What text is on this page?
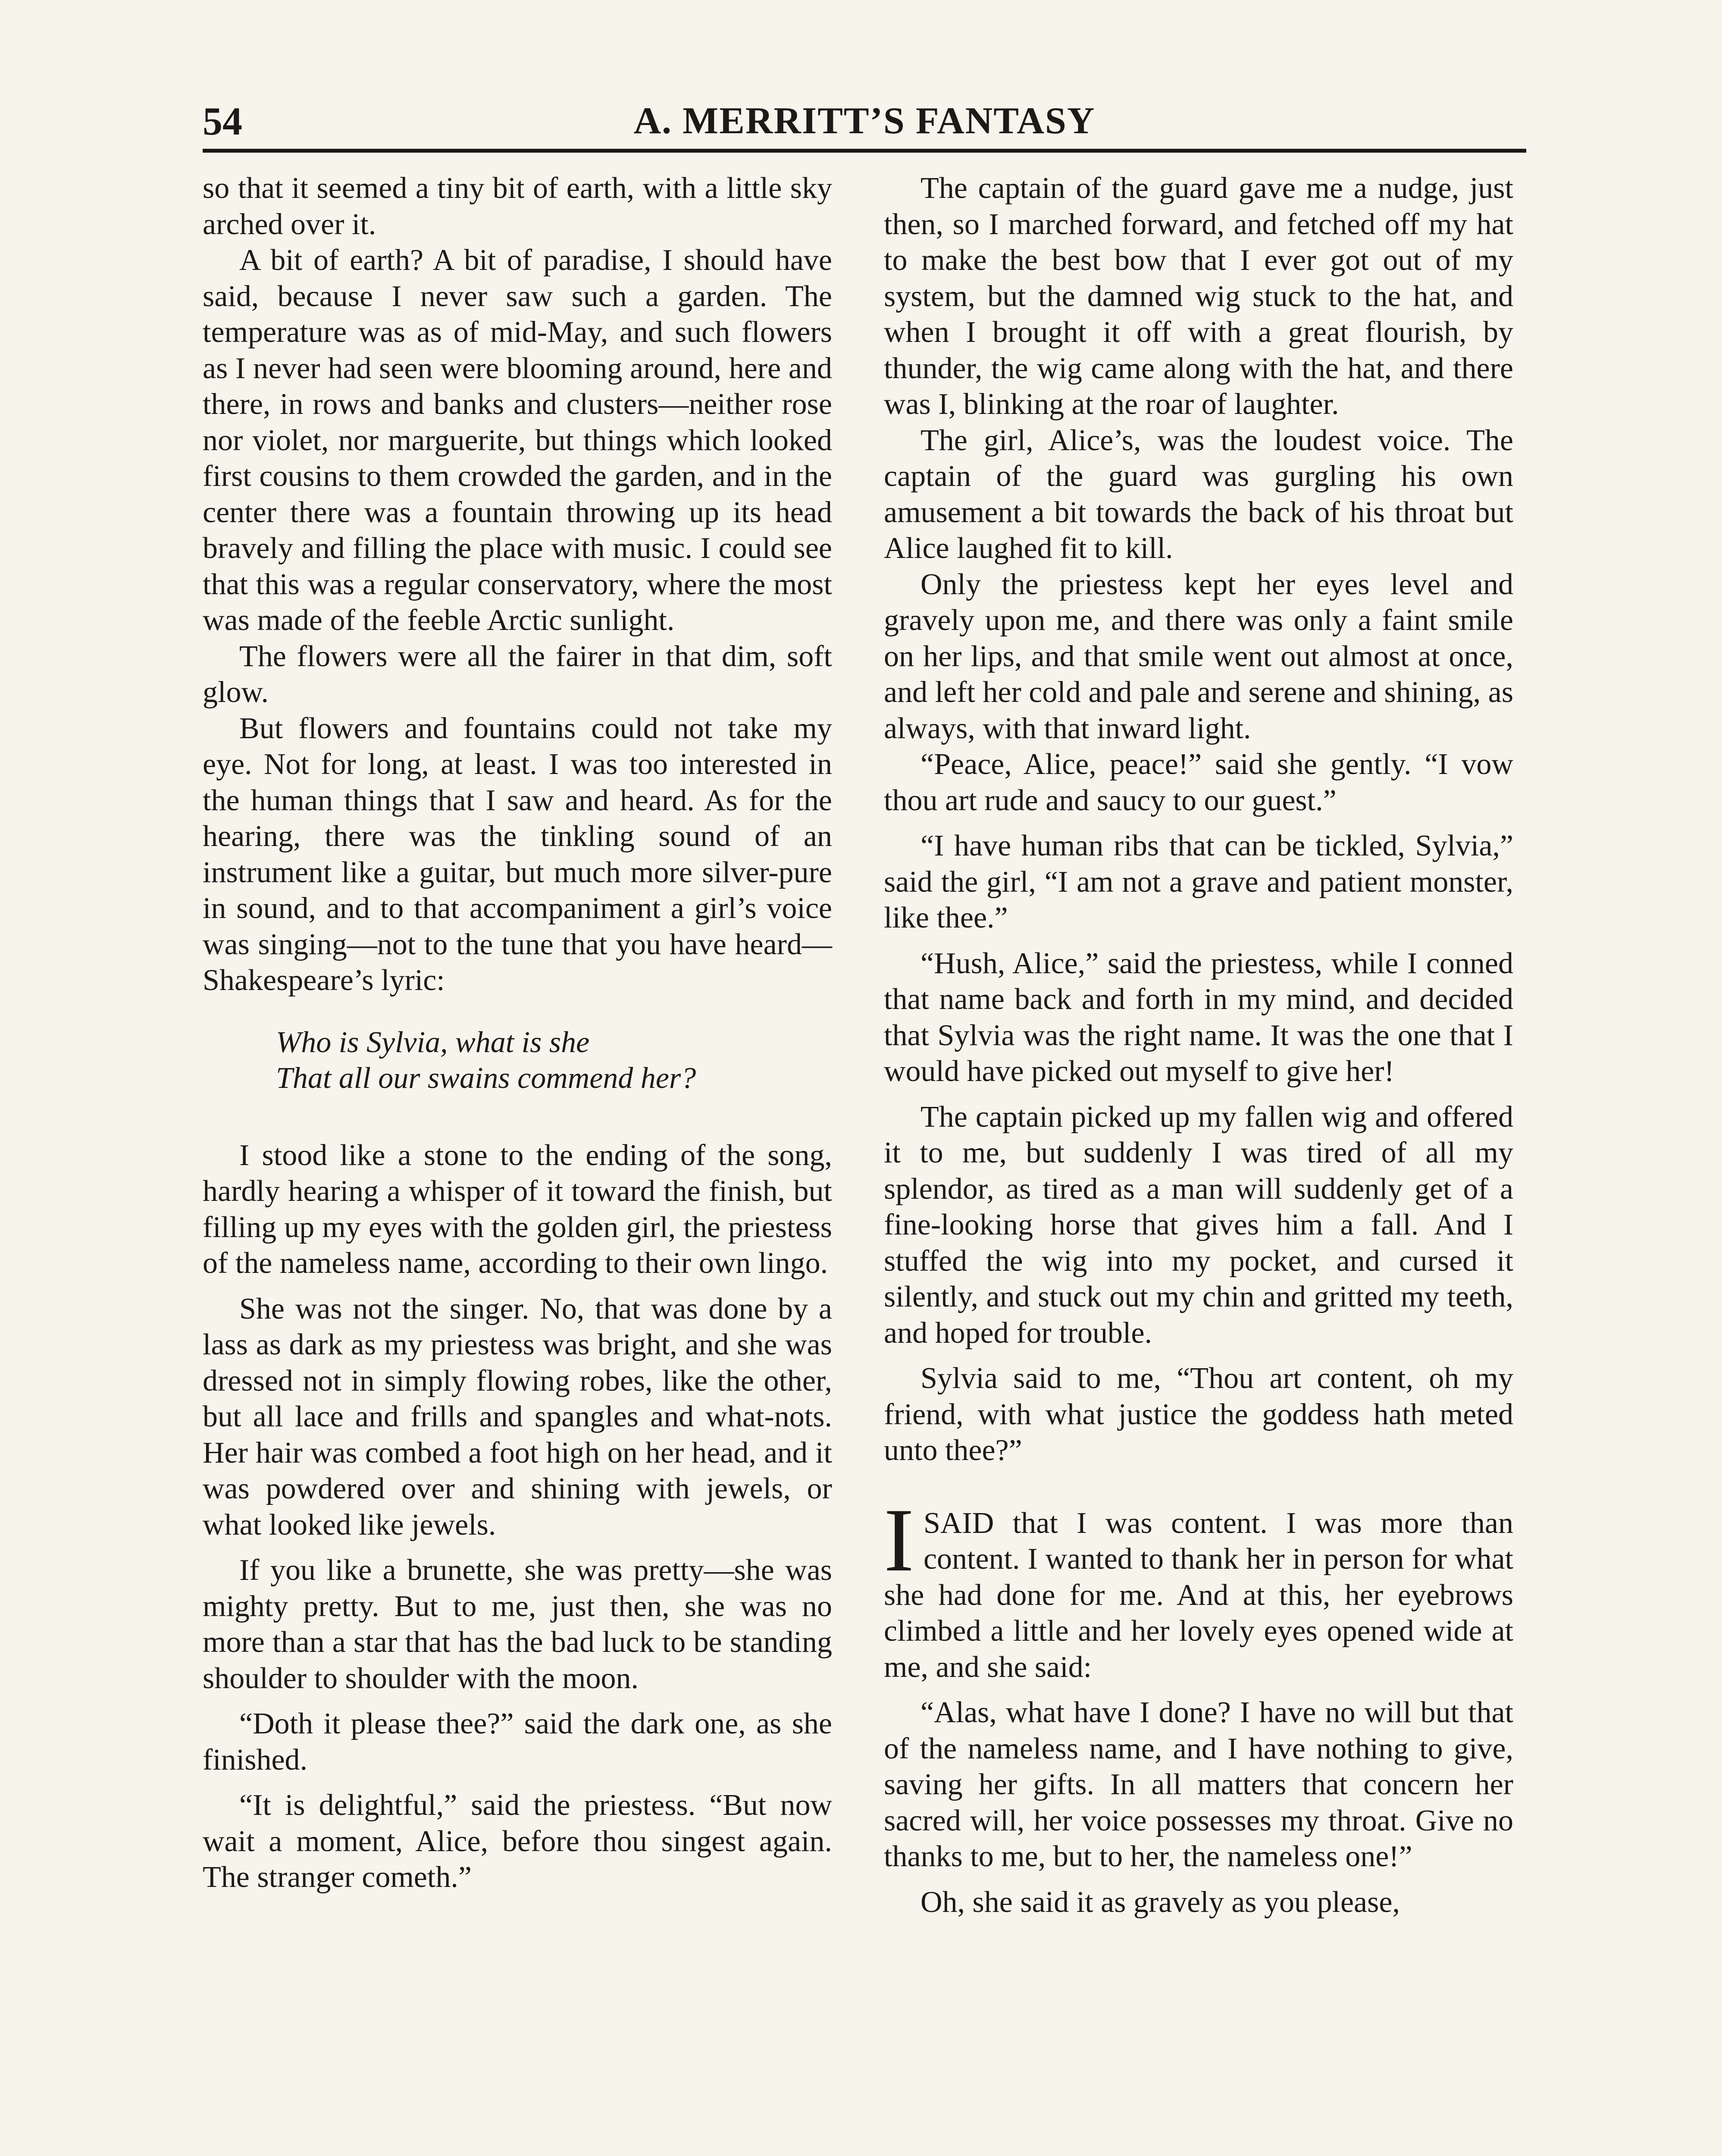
54	A. MERRITT’S FANTASY

so that it seemed a tiny bit of earth, with a little sky arched over it.

A bit of earth? A bit of paradise, I should have said, because I never saw such a garden. The temperature was as of mid-May, and such flowers as I never had seen were blooming around, here and there, in rows and banks and clusters—neither rose nor violet, nor marguerite, but things which looked first cousins to them crowded the garden, and in the center there was a fountain throwing up its head bravely and filling the place with music. I could see that this was a regular conservatory, where the most was made of the feeble Arctic sunlight.

The flowers were all the fairer in that dim, soft glow.

But flowers and fountains could not take my eye. Not for long, at least. I was too interested in the human things that I saw and heard. As for the hearing, there was the tinkling sound of an instrument like a guitar, but much more silver-pure in sound, and to that accompaniment a girl’s voice was singing—not to the tune that you have heard—Shakespeare’s lyric:

Who is Sylvia, what is she
That all our swains commend her?

I stood like a stone to the ending of the song, hardly hearing a whisper of it toward the finish, but filling up my eyes with the golden girl, the priestess of the nameless name, according to their own lingo.

She was not the singer. No, that was done by a lass as dark as my priestess was bright, and she was dressed not in simply flowing robes, like the other, but all lace and frills and spangles and what-nots. Her hair was combed a foot high on her head, and it was powdered over and shining with jewels, or what looked like jewels.

If you like a brunette, she was pretty—she was mighty pretty. But to me, just then, she was no more than a star that has the bad luck to be standing shoulder to shoulder with the moon.

“Doth it please thee?” said the dark one, as she finished.

“It is delightful,” said the priestess. “But now wait a moment, Alice, before thou singest again. The stranger cometh.”

The captain of the guard gave me a nudge, just then, so I marched forward, and fetched off my hat to make the best bow that I ever got out of my system, but the damned wig stuck to the hat, and when I brought it off with a great flourish, by thunder, the wig came along with the hat, and there was I, blinking at the roar of laughter.

The girl, Alice’s, was the loudest voice. The captain of the guard was gurgling his own amusement a bit towards the back of his throat but Alice laughed fit to kill.

Only the priestess kept her eyes level and gravely upon me, and there was only a faint smile on her lips, and that smile went out almost at once, and left her cold and pale and serene and shining, as always, with that inward light.

“Peace, Alice, peace!” said she gently. “I vow thou art rude and saucy to our guest.”

“I have human ribs that can be tickled, Sylvia,” said the girl, “I am not a grave and patient monster, like thee.”

“Hush, Alice,” said the priestess, while I conned that name back and forth in my mind, and decided that Sylvia was the right name. It was the one that I would have picked out myself to give her!

The captain picked up my fallen wig and offered it to me, but suddenly I was tired of all my splendor, as tired as a man will suddenly get of a fine-looking horse that gives him a fall. And I stuffed the wig into my pocket, and cursed it silently, and stuck out my chin and gritted my teeth, and hoped for trouble.

Sylvia said to me, “Thou art content, oh my friend, with what justice the goddess hath meted unto thee?”

ISAID that I was content. I was more than content. I wanted to thank her in person for what she had done for me. And at this, her eyebrows climbed a little and her lovely eyes opened wide at me, and she said:

“Alas, what have I done? I have no will but that of the nameless name, and I have nothing to give, saving her gifts. In all matters that concern her sacred will, her voice possesses my throat. Give no thanks to me, but to her, the nameless one!”

Oh, she said it as gravely as you please,
